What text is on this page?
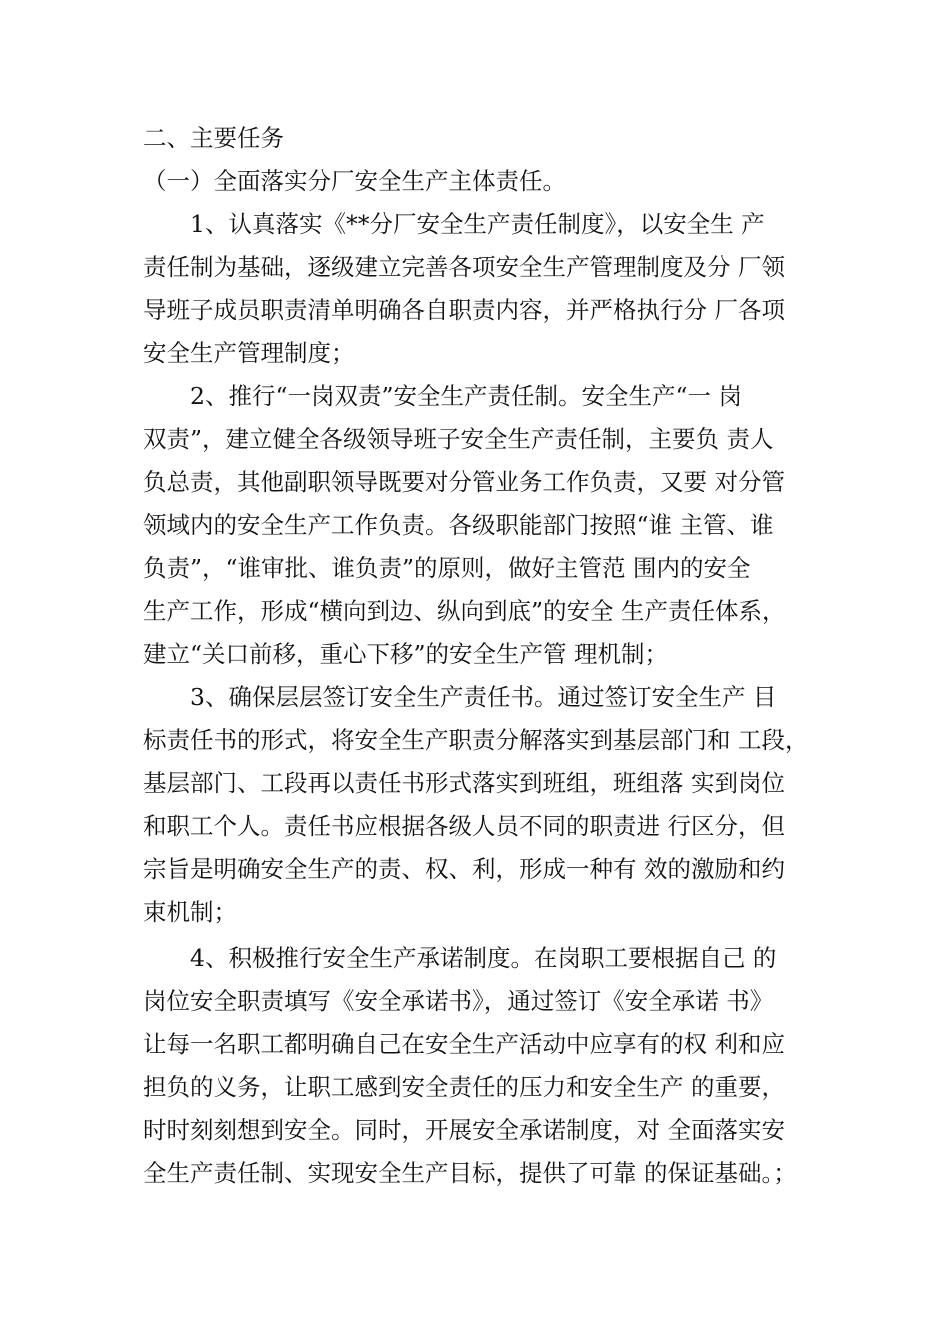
二、主要任务

（一）全面落实分厂安全生产主体责任。

　　1、认真落实《**分厂安全生产责任制度》，以安全生 产

责任制为基础，逐级建立完善各项安全生产管理制度及分 厂领

导班子成员职责清单明确各自职责内容，并严格执行分 厂各项

安全生产管理制度；

　　2、推行“一岗双责”安全生产责任制。安全生产“一 岗

双责”，建立健全各级领导班子安全生产责任制，主要负 责人

负总责，其他副职领导既要对分管业务工作负责，又要 对分管

领域内的安全生产工作负责。各级职能部门按照“谁 主管、谁

负责”，“谁审批、谁负责”的原则，做好主管范 围内的安全

生产工作，形成“横向到边、纵向到底”的安全 生产责任体系，

建立“关口前移，重心下移”的安全生产管 理机制；

　　3、确保层层签订安全生产责任书。通过签订安全生产 目

标责任书的形式，将安全生产职责分解落实到基层部门和 工段，

基层部门、工段再以责任书形式落实到班组，班组落 实到岗位

和职工个人。责任书应根据各级人员不同的职责进 行区分，但

宗旨是明确安全生产的责、权、利，形成一种有 效的激励和约

束机制；

　　4、积极推行安全生产承诺制度。在岗职工要根据自己 的

岗位安全职责填写《安全承诺书》，通过签订《安全承诺 书》

让每一名职工都明确自己在安全生产活动中应享有的权 利和应

担负的义务，让职工感到安全责任的压力和安全生产 的重要，

时时刻刻想到安全。同时，开展安全承诺制度，对 全面落实安

全生产责任制、实现安全生产目标，提供了可靠 的保证基础。；
